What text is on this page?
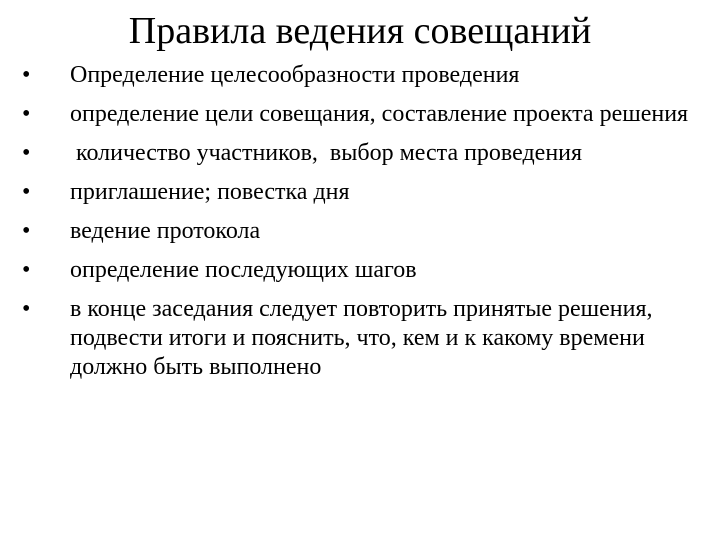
Правила ведения совещаний
•	Определение целесообразности проведения
•	определение цели совещания, составление проекта решения
•	количество участников,  выбор места проведения
•	приглашение; повестка дня
•	ведение протокола
•	определение последующих шагов
•	в конце заседания следует повторить принятые решения, подвести итоги и пояснить, что, кем и к какому времени должно быть выполнено
